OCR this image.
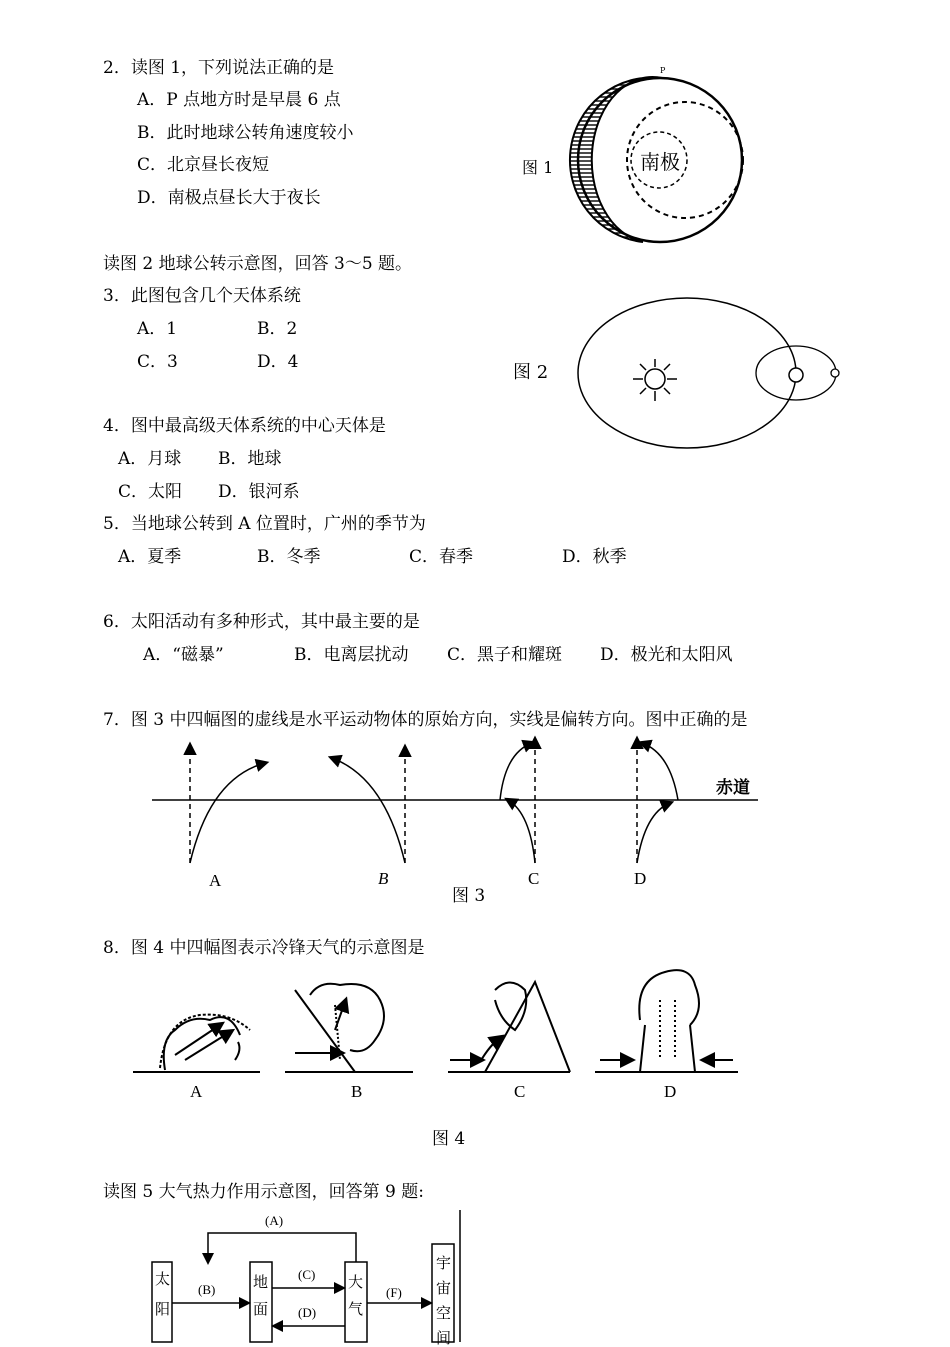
2．读图 1，下列说法正确的是
A．P 点地方时是早晨 6 点
B．此时地球公转角速度较小
C．北京昼长夜短
D．南极点昼长大于夜长
图 1	南极
P
读图 2 地球公转示意图，回答 3～5 题。
3．此图包含几个天体系统
A．1	B．2
C．3	D．4	图 2
4．图中最高级天体系统的中心天体是
A．月球 B．地球
C．太阳 D．银河系
5．当地球公转到 A 位置时，广州的季节为
A．夏季	B．冬季	C．春季	D．秋季
6．太阳活动有多种形式，其中最主要的是
A．“磁暴”	B．电离层扰动 C．黑子和耀斑 D．极光和太阳风
7．图 3 中四幅图的虚线是水平运动物体的原始方向，实线是偏转方向。图中正确的是
赤道
A	B	C	D
图 3
8．图 4 中四幅图表示冷锋天气的示意图是
A	B	C	D
图 4
读图 5 大气热力作用示意图，回答第 9 题:
(A)
(B)
(C)
(D)
(F)
太
阳
地
面
大
气
宇
宙
空
间
